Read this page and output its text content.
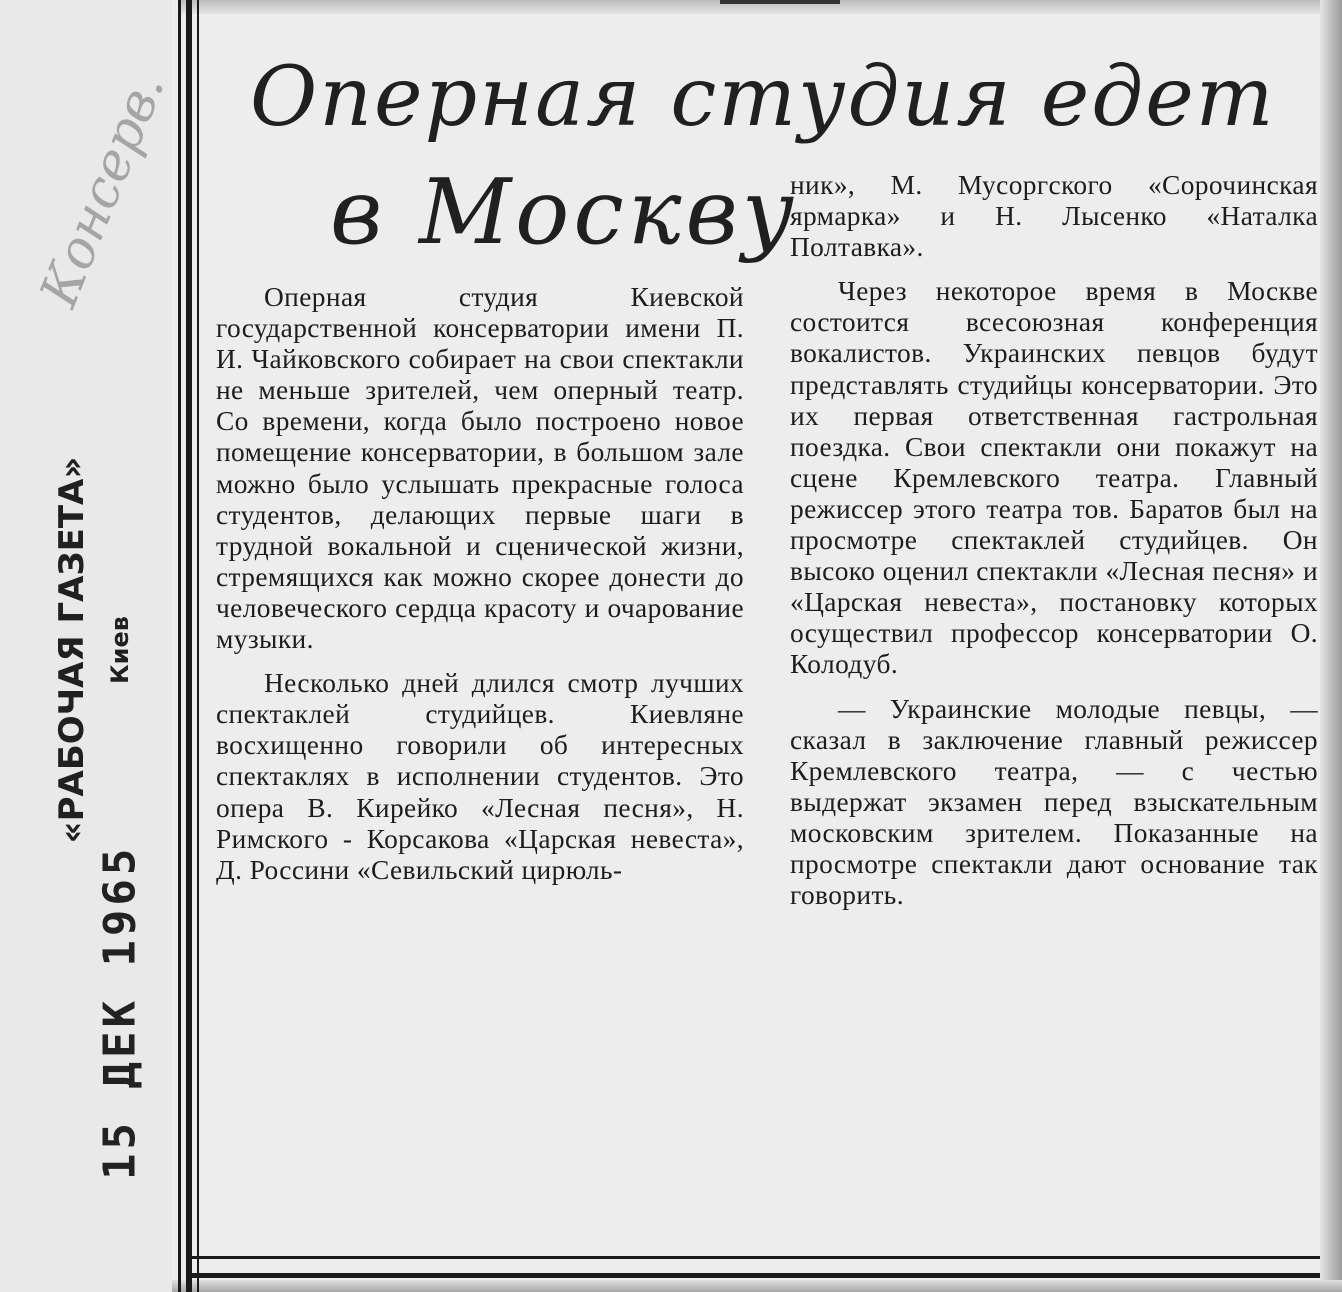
Консерв.
«РАБОЧАЯ ГАЗЕТА» Киев
15 ДЕК 1965
Оперная студия едет
в Москву

Оперная студия Киевской государственной консерватории имени П. И. Чайковского собирает на свои спектакли не меньше зрителей, чем оперный театр. Со времени, когда было построено новое помещение консерватории, в большом зале можно было услышать прекрасные голоса студентов, делающих первые шаги в трудной вокальной и сценической жизни, стремящихся как можно скорее донести до человеческого сердца красоту и очарование музыки.

Несколько дней длился смотр лучших спектаклей студийцев. Киевляне восхищенно говорили об интересных спектаклях в исполнении студентов. Это опера В. Кирейко «Лесная песня», Н. Римского - Корсакова «Царская невеста», Д. Россини «Севильский цирюль-

ник», М. Мусоргского «Сорочинская ярмарка» и Н. Лысенко «Наталка Полтавка».

Через некоторое время в Москве состоится всесоюзная конференция вокалистов. Украинских певцов будут представлять студийцы консерватории. Это их первая ответственная гастрольная поездка. Свои спектакли они покажут на сцене Кремлевского театра. Главный режиссер этого театра тов. Баратов был на просмотре спектаклей студийцев. Он высоко оценил спектакли «Лесная песня» и «Царская невеста», постановку которых осуществил профессор консерватории О. Колодуб.

— Украинские молодые певцы, — сказал в заключение главный режиссер Кремлевского театра, — с честью выдержат экзамен перед взыскательным московским зрителем. Показанные на просмотре спектакли дают основание так говорить.
